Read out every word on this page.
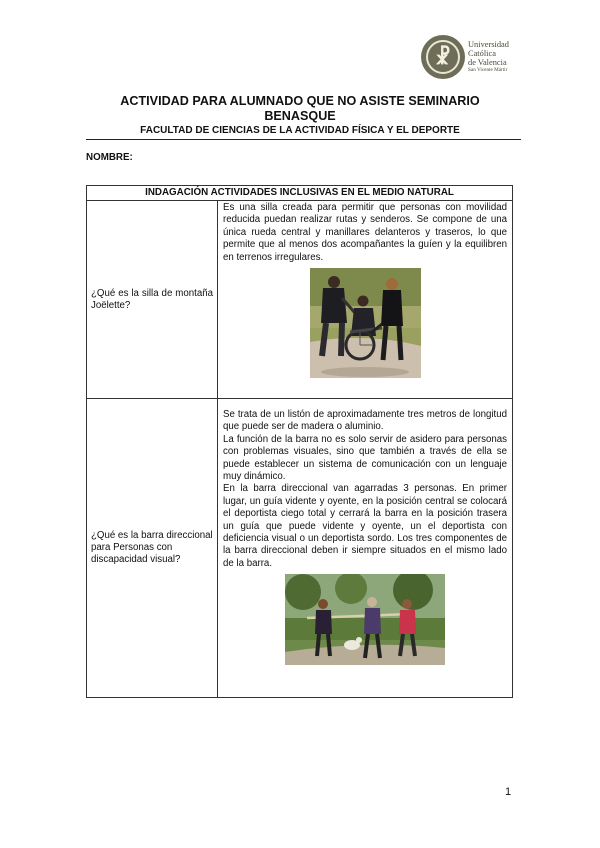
☧
Universidad
Católica
de Valencia
San Vicente Mártir
ACTIVIDAD PARA ALUMNADO QUE NO ASISTE SEMINARIO
BENASQUE
FACULTAD DE CIENCIAS DE LA ACTIVIDAD FÍSICA Y EL DEPORTE
NOMBRE:
INDAGACIÓN ACTIVIDADES INCLUSIVAS EN EL MEDIO NATURAL	

¿Qué es la silla de montaña Joëlette?	Es una silla creada para permitir que personas con movilidad reducida puedan realizar rutas y senderos. Se compone de una única rueda central y manillares delanteros y traseros, lo que permite que al menos dos acompañantes la guíen y la equilibren en terrenos irregulares.

¿Qué es la barra direccional para Personas con discapacidad visual?	Se trata de un listón de aproximadamente tres metros de longitud que puede ser de madera o aluminio.

La función de la barra no es solo servir de asidero para personas con problemas visuales, sino que también a través de ella se puede establecer un sistema de comunicación con un lenguaje muy dinámico.

En la barra direccional van agarradas 3 personas. En primer lugar, un guía vidente y oyente, en la posición central se colocará el deportista ciego total y cerrará la barra en la posición trasera un guía que puede vidente y oyente, un el deportista con deficiencia visual o un deportista sordo. Los tres componentes de la barra direccional deben ir siempre situados en el mismo lado de la barra.

1
